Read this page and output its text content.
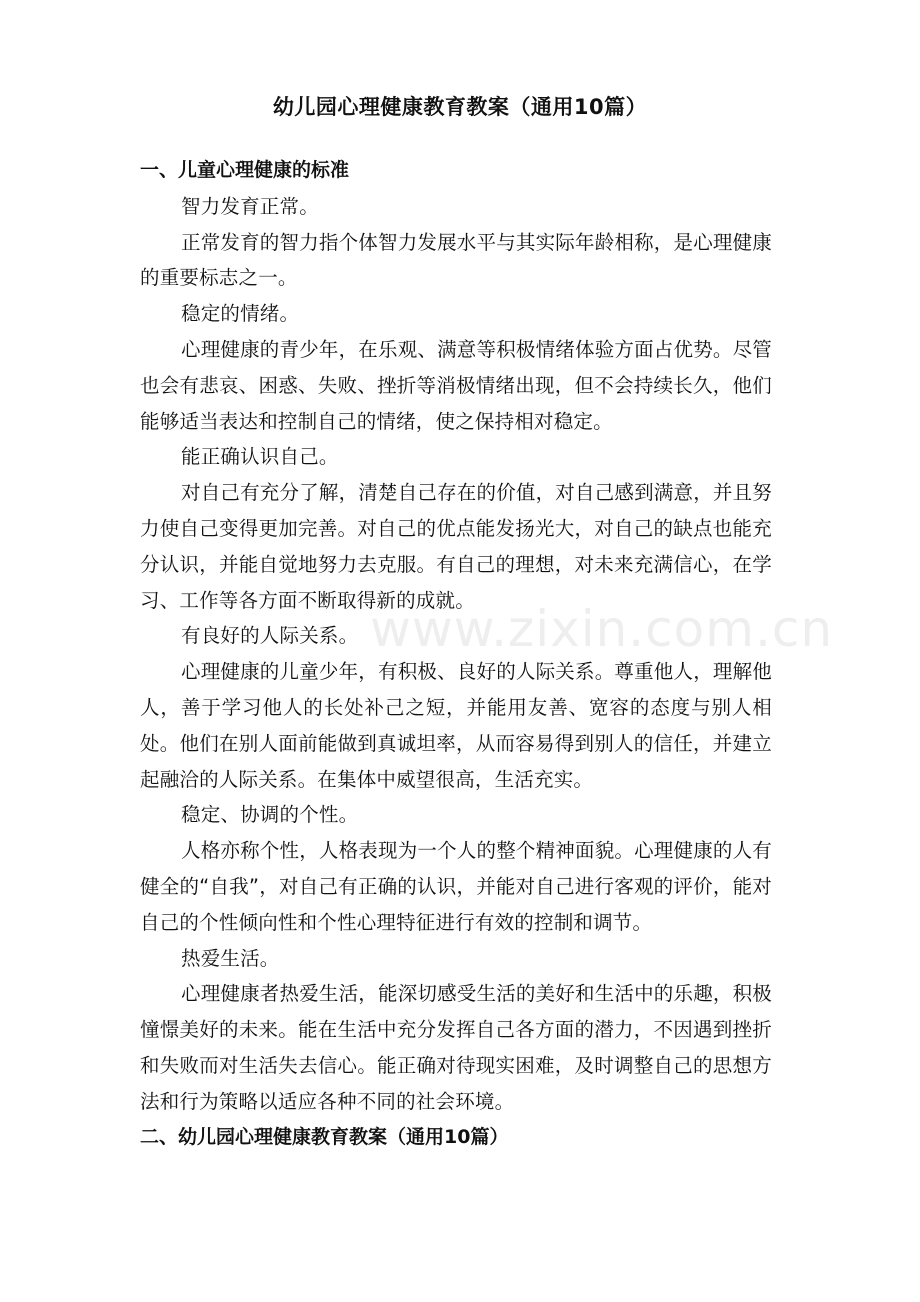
幼儿园心理健康教育教案（通用10篇）

一、儿童心理健康的标准

智力发育正常。

正常发育的智力指个体智力发展水平与其实际年龄相称，是心理健康的重要标志之一。

稳定的情绪。

心理健康的青少年，在乐观、满意等积极情绪体验方面占优势。尽管也会有悲哀、困惑、失败、挫折等消极情绪出现，但不会持续长久，他们能够适当表达和控制自己的情绪，使之保持相对稳定。

能正确认识自己。

对自己有充分了解，清楚自己存在的价值，对自己感到满意，并且努力使自己变得更加完善。对自己的优点能发扬光大，对自己的缺点也能充分认识，并能自觉地努力去克服。有自己的理想，对未来充满信心，在学习、工作等各方面不断取得新的成就。

有良好的人际关系。

心理健康的儿童少年，有积极、良好的人际关系。尊重他人，理解他人，善于学习他人的长处补己之短，并能用友善、宽容的态度与别人相处。他们在别人面前能做到真诚坦率，从而容易得到别人的信任，并建立起融洽的人际关系。在集体中威望很高，生活充实。

稳定、协调的个性。

人格亦称个性，人格表现为一个人的整个精神面貌。心理健康的人有健全的“自我”，对自己有正确的认识，并能对自己进行客观的评价，能对自己的个性倾向性和个性心理特征进行有效的控制和调节。

热爱生活。

心理健康者热爱生活，能深切感受生活的美好和生活中的乐趣，积极憧憬美好的未来。能在生活中充分发挥自己各方面的潜力，不因遇到挫折和失败而对生活失去信心。能正确对待现实困难，及时调整自己的思想方法和行为策略以适应各种不同的社会环境。

二、幼儿园心理健康教育教案（通用10篇）

www.zixin.com.cn
